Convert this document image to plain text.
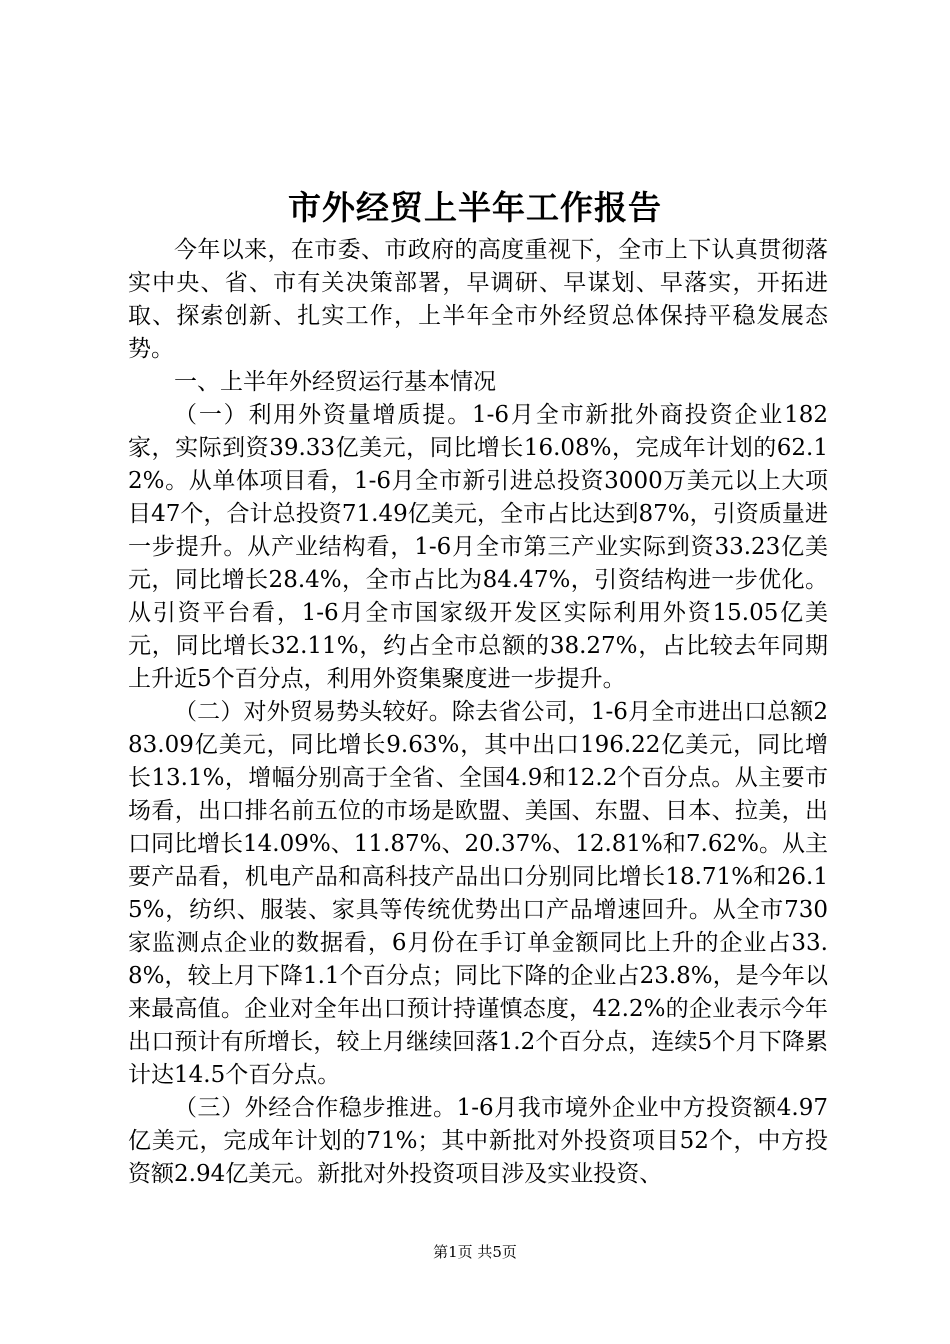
市外经贸上半年工作报告

今年以来，在市委、市政府的高度重视下，全市上下认真贯彻落实中央、省、市有关决策部署，早调研、早谋划、早落实，开拓进取、探索创新、扎实工作，上半年全市外经贸总体保持平稳发展态势。

一、上半年外经贸运行基本情况

（一）利用外资量增质提。1-6月全市新批外商投资企业182家，实际到资39.33亿美元，同比增长16.08%，完成年计划的62.12%。从单体项目看，1-6月全市新引进总投资3000万美元以上大项目47个，合计总投资71.49亿美元，全市占比达到87%，引资质量进一步提升。从产业结构看，1-6月全市第三产业实际到资33.23亿美元，同比增长28.4%，全市占比为84.47%，引资结构进一步优化。从引资平台看，1-6月全市国家级开发区实际利用外资15.05亿美元，同比增长32.11%，约占全市总额的38.27%，占比较去年同期上升近5个百分点，利用外资集聚度进一步提升。

（二）对外贸易势头较好。除去省公司，1-6月全市进出口总额283.09亿美元，同比增长9.63%，其中出口196.22亿美元，同比增长13.1%，增幅分别高于全省、全国4.9和12.2个百分点。从主要市场看，出口排名前五位的市场是欧盟、美国、东盟、日本、拉美，出口同比增长14.09%、11.87%、20.37%、12.81%和7.62%。从主要产品看，机电产品和高科技产品出口分别同比增长18.71%和26.15%，纺织、服装、家具等传统优势出口产品增速回升。从全市730家监测点企业的数据看，6月份在手订单金额同比上升的企业占33.8%，较上月下降1.1个百分点；同比下降的企业占23.8%，是今年以来最高值。企业对全年出口预计持谨慎态度，42.2%的企业表示今年出口预计有所增长，较上月继续回落1.2个百分点，连续5个月下降累计达14.5个百分点。

（三）外经合作稳步推进。1-6月我市境外企业中方投资额4.97亿美元，完成年计划的71%；其中新批对外投资项目52个，中方投资额2.94亿美元。新批对外投资项目涉及实业投资、

第1页 共5页
